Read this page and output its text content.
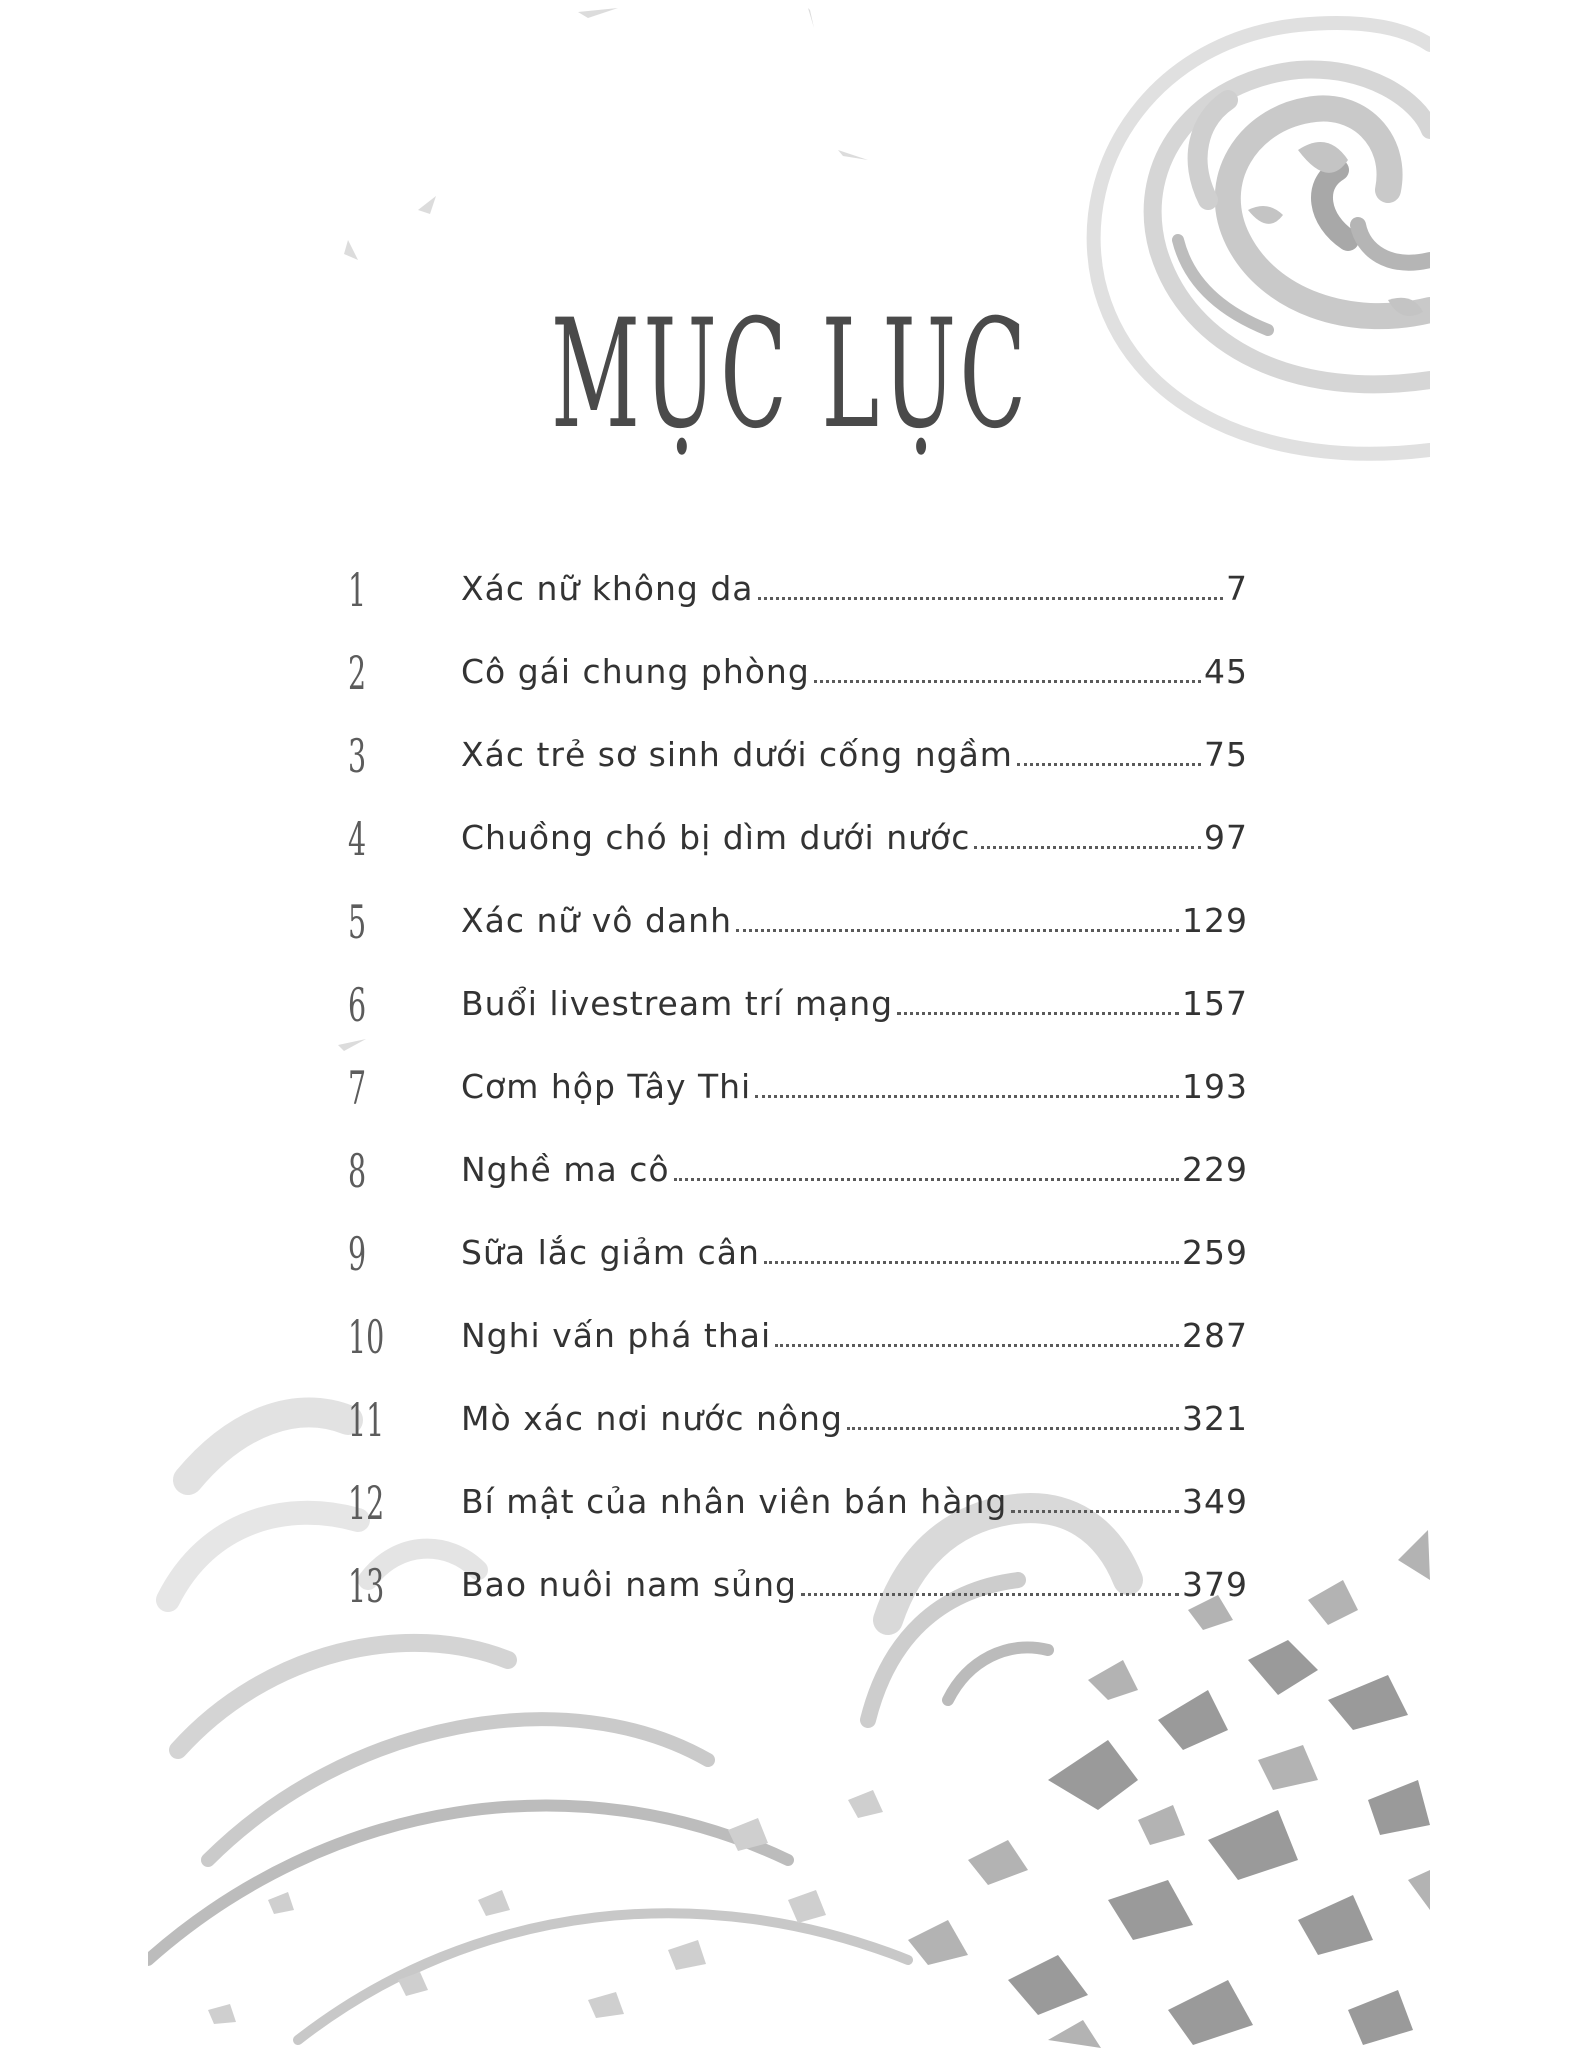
MỤC LỤC
1	Xác nữ không da	7
2	Cô gái chung phòng	45
3	Xác trẻ sơ sinh dưới cống ngầm	75
4	Chuồng chó bị dìm dưới nước	97
5	Xác nữ vô danh	129
6	Buổi livestream trí mạng	157
7	Cơm hộp Tây Thi	193
8	Nghề ma cô	229
9	Sữa lắc giảm cân	259
10 Nghi vấn phá thai	287
11 Mò xác nơi nước nông	321
12 Bí mật của nhân viên bán hàng	349
13 Bao nuôi nam sủng	379
